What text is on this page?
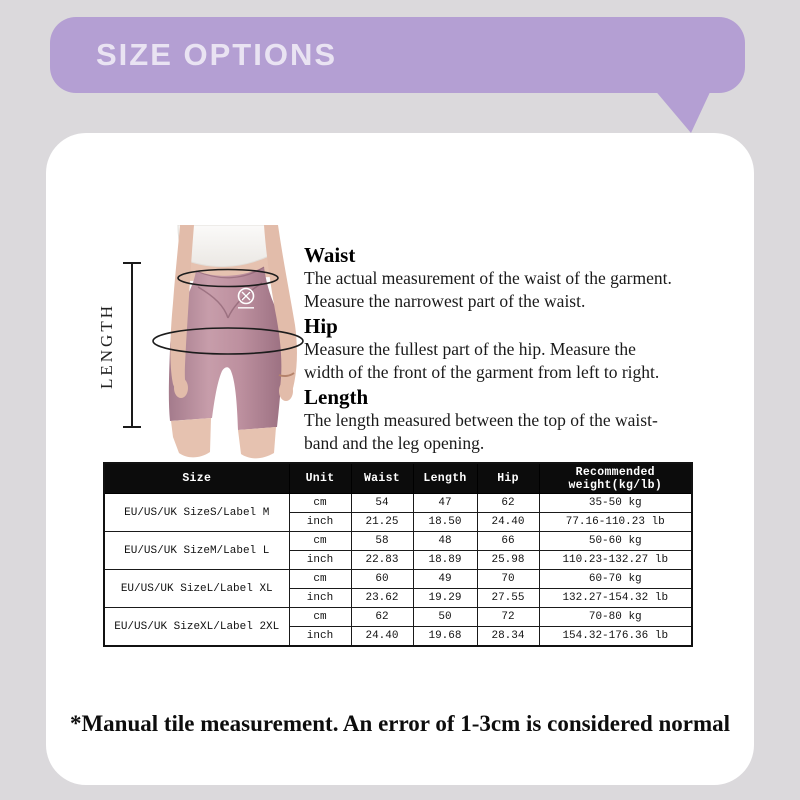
SIZE OPTIONS
LENGTH
Waist
The actual measurement of the waist of the garment.
Measure the narrowest part of the waist.
Hip
Measure the fullest part of the hip. Measure the
width of the front of the garment from left to right.
Length
The length measured between the top of the waist-
band and the leg opening.
Size	Unit	Waist	Length	Hip	Recommended weight(kg/lb)
EU/US/UK SizeS/Label M	cm	54	47	62	35-50 kg
	inch	21.25	18.50	24.40	77.16-110.23 lb
EU/US/UK SizeM/Label L	cm	58	48	66	50-60 kg
	inch	22.83	18.89	25.98	110.23-132.27 lb
EU/US/UK SizeL/Label XL	cm	60	49	70	60-70 kg
	inch	23.62	19.29	27.55	132.27-154.32 lb
EU/US/UK SizeXL/Label 2XL	cm	62	50	72	70-80 kg
	inch	24.40	19.68	28.34	154.32-176.36 lb
*Manual tile measurement. An error of 1-3cm is considered normal
